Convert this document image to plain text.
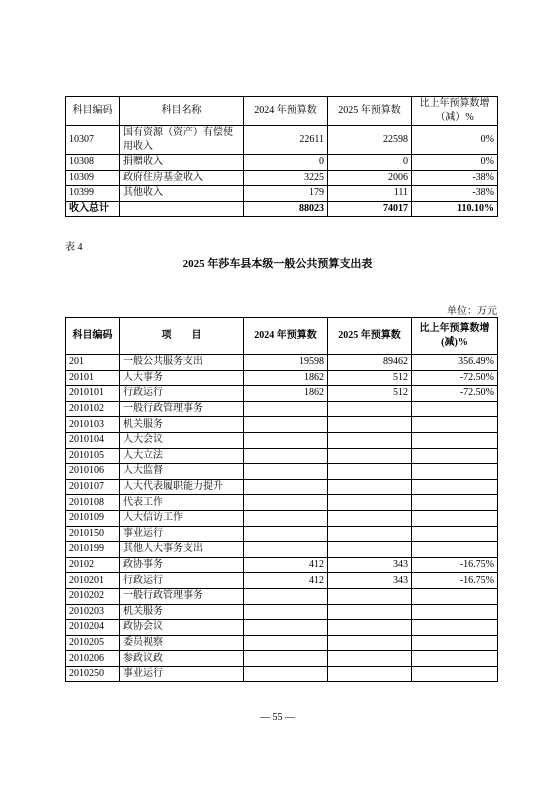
科目编码	科目名称	2024 年预算数	2025 年预算数	比上年预算数增（减）%
10307	国有资源（资产）有偿使用收入	22611	22598	0%
10308	捐赠收入	0	0	0%
10309	政府住房基金收入	3225	2006	-38%
10399	其他收入	179	111	-38%
收入总计		88023	74017	110.10%
表 4
2025 年莎车县本级一般公共预算支出表
单位：万元
科目编码	项　　目	2024 年预算数	2025 年预算数	比上年预算数增 (减)%
201	一般公共服务支出	19598	89462	356.49%
20101	人大事务	1862	512	-72.50%
2010101	行政运行	1862	512	-72.50%
2010102	一般行政管理事务			
2010103	机关服务			
2010104	人大会议			
2010105	人大立法			
2010106	人大监督			
2010107	人大代表履职能力提升			
2010108	代表工作			
2010109	人大信访工作			
2010150	事业运行			
2010199	其他人大事务支出			
20102	政协事务	412	343	-16.75%
2010201	行政运行	412	343	-16.75%
2010202	一般行政管理事务			
2010203	机关服务			
2010204	政协会议			
2010205	委员视察			
2010206	参政议政			
2010250	事业运行			
— 55 —
